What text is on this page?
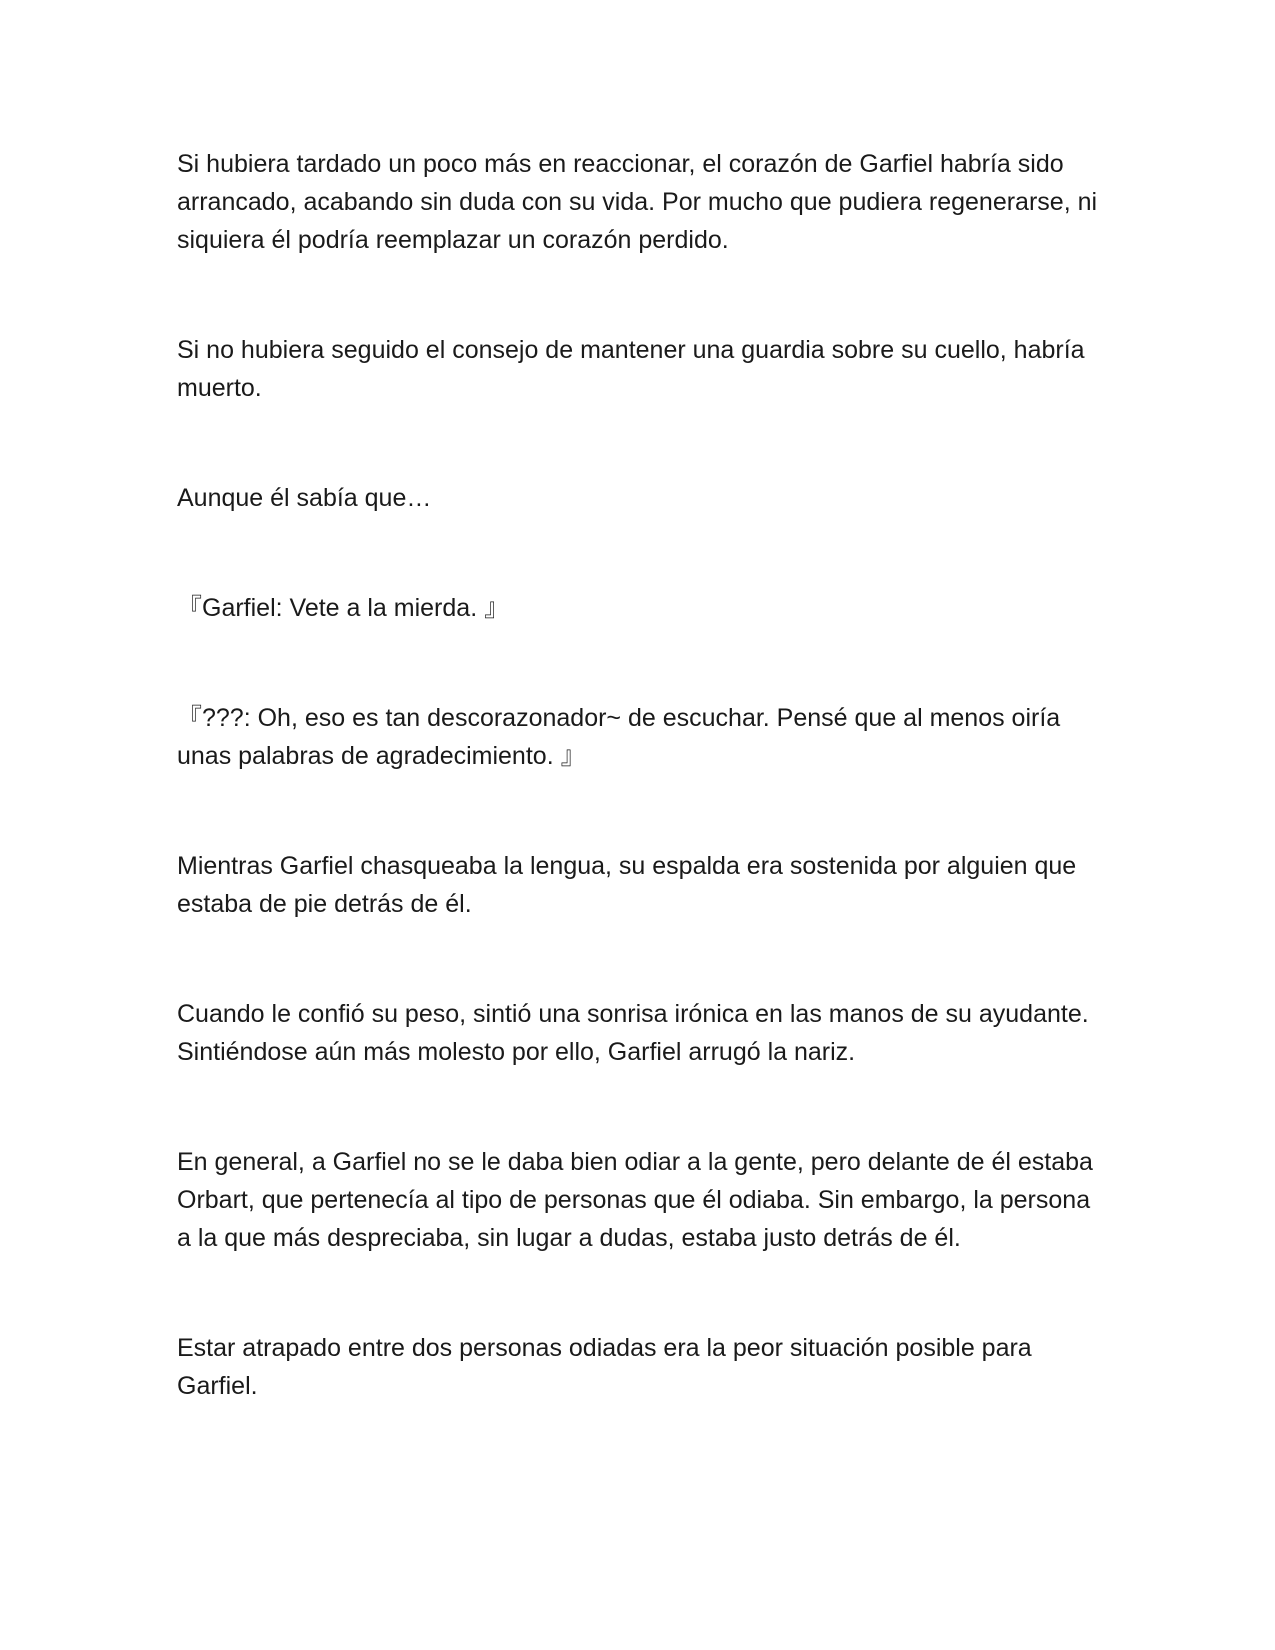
Si hubiera tardado un poco más en reaccionar, el corazón de Garfiel habría sido arrancado, acabando sin duda con su vida. Por mucho que pudiera regenerarse, ni siquiera él podría reemplazar un corazón perdido.

Si no hubiera seguido el consejo de mantener una guardia sobre su cuello, habría muerto.

Aunque él sabía que…

『Garfiel: Vete a la mierda. 』

『???: Oh, eso es tan descorazonador~ de escuchar. Pensé que al menos oiría unas palabras de agradecimiento. 』

Mientras Garfiel chasqueaba la lengua, su espalda era sostenida por alguien que estaba de pie detrás de él.

Cuando le confió su peso, sintió una sonrisa irónica en las manos de su ayudante. Sintiéndose aún más molesto por ello, Garfiel arrugó la nariz.

En general, a Garfiel no se le daba bien odiar a la gente, pero delante de él estaba Orbart, que pertenecía al tipo de personas que él odiaba. Sin embargo, la persona a la que más despreciaba, sin lugar a dudas, estaba justo detrás de él.

Estar atrapado entre dos personas odiadas era la peor situación posible para Garfiel.
